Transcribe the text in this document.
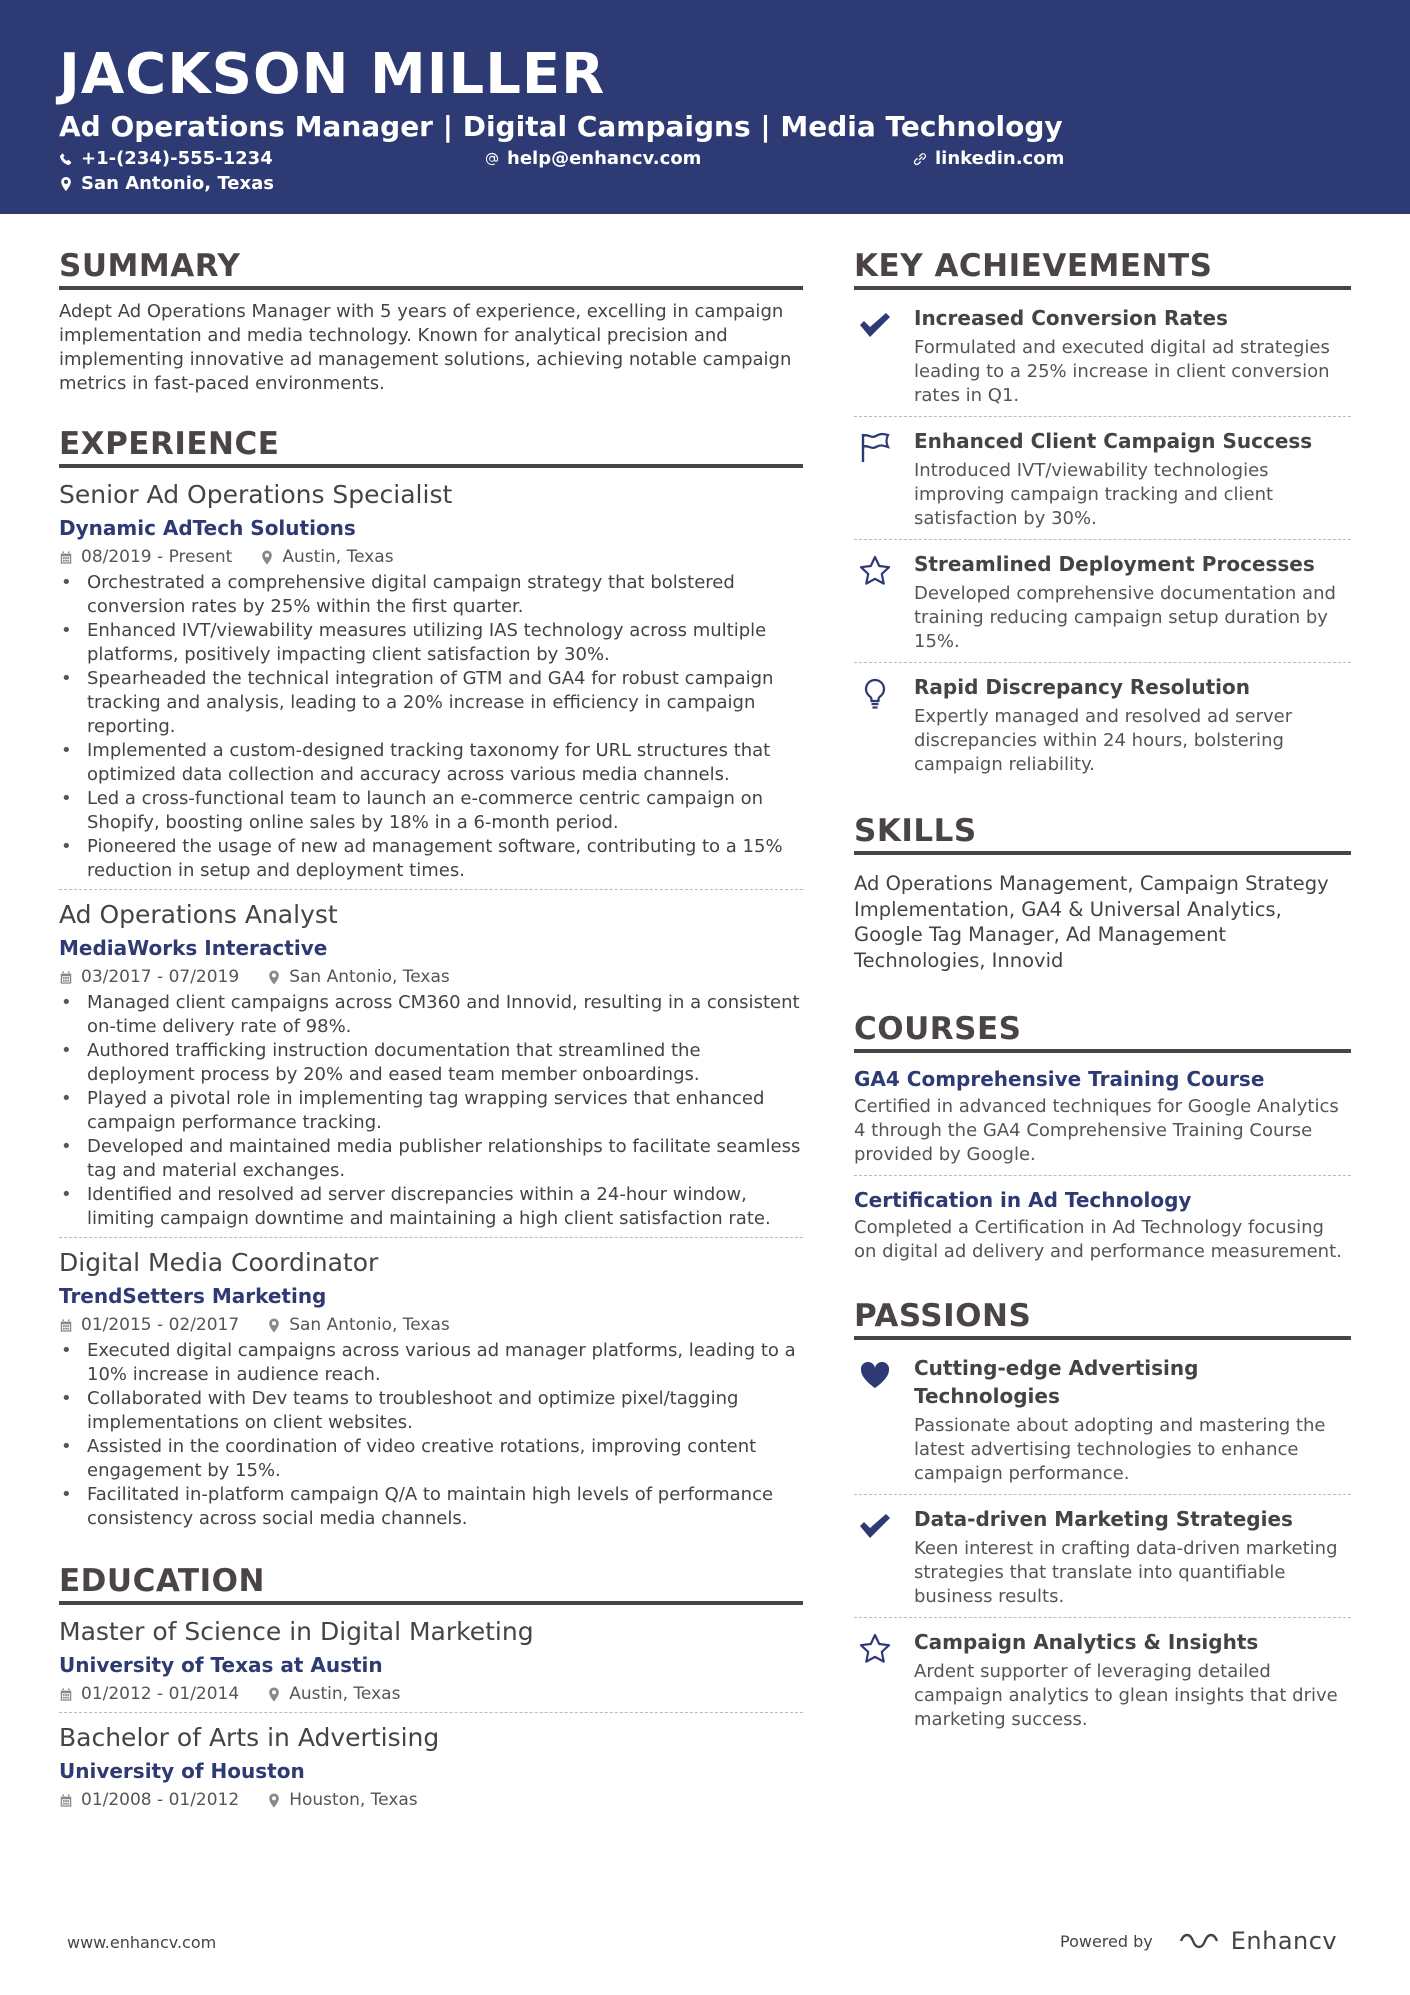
JACKSON MILLER
Ad Operations Manager | Digital Campaigns | Media Technology
+1-(234)-555-1234	help@enhancv.com	linkedin.com
San Antonio, Texas
SUMMARY
Adept Ad Operations Manager with 5 years of experience, excelling in campaign implementation and media technology. Known for analytical precision and implementing innovative ad management solutions, achieving notable campaign metrics in fast-paced environments.
EXPERIENCE
Senior Ad Operations Specialist
Dynamic AdTech Solutions
08/2019 - Present	Austin, Texas
• Orchestrated a comprehensive digital campaign strategy that bolstered conversion rates by 25% within the first quarter.
• Enhanced IVT/viewability measures utilizing IAS technology across multiple platforms, positively impacting client satisfaction by 30%.
• Spearheaded the technical integration of GTM and GA4 for robust campaign tracking and analysis, leading to a 20% increase in efficiency in campaign reporting.
• Implemented a custom-designed tracking taxonomy for URL structures that optimized data collection and accuracy across various media channels.
• Led a cross-functional team to launch an e-commerce centric campaign on Shopify, boosting online sales by 18% in a 6-month period.
• Pioneered the usage of new ad management software, contributing to a 15% reduction in setup and deployment times.
Ad Operations Analyst
MediaWorks Interactive
03/2017 - 07/2019	San Antonio, Texas
• Managed client campaigns across CM360 and Innovid, resulting in a consistent on-time delivery rate of 98%.
• Authored trafficking instruction documentation that streamlined the deployment process by 20% and eased team member onboardings.
• Played a pivotal role in implementing tag wrapping services that enhanced campaign performance tracking.
• Developed and maintained media publisher relationships to facilitate seamless tag and material exchanges.
• Identified and resolved ad server discrepancies within a 24-hour window, limiting campaign downtime and maintaining a high client satisfaction rate.
Digital Media Coordinator
TrendSetters Marketing
01/2015 - 02/2017	San Antonio, Texas
• Executed digital campaigns across various ad manager platforms, leading to a 10% increase in audience reach.
• Collaborated with Dev teams to troubleshoot and optimize pixel/tagging implementations on client websites.
• Assisted in the coordination of video creative rotations, improving content engagement by 15%.
• Facilitated in-platform campaign Q/A to maintain high levels of performance consistency across social media channels.
EDUCATION
Master of Science in Digital Marketing
University of Texas at Austin
01/2012 - 01/2014	Austin, Texas
Bachelor of Arts in Advertising
University of Houston
01/2008 - 01/2012	Houston, Texas
KEY ACHIEVEMENTS
Increased Conversion Rates
Formulated and executed digital ad strategies leading to a 25% increase in client conversion rates in Q1.
Enhanced Client Campaign Success
Introduced IVT/viewability technologies improving campaign tracking and client satisfaction by 30%.
Streamlined Deployment Processes
Developed comprehensive documentation and training reducing campaign setup duration by 15%.
Rapid Discrepancy Resolution
Expertly managed and resolved ad server discrepancies within 24 hours, bolstering campaign reliability.
SKILLS
Ad Operations Management, Campaign Strategy Implementation, GA4 & Universal Analytics, Google Tag Manager, Ad Management Technologies, Innovid
COURSES
GA4 Comprehensive Training Course
Certified in advanced techniques for Google Analytics 4 through the GA4 Comprehensive Training Course provided by Google.
Certification in Ad Technology
Completed a Certification in Ad Technology focusing on digital ad delivery and performance measurement.
PASSIONS
Cutting-edge Advertising Technologies
Passionate about adopting and mastering the latest advertising technologies to enhance campaign performance.
Data-driven Marketing Strategies
Keen interest in crafting data-driven marketing strategies that translate into quantifiable business results.
Campaign Analytics & Insights
Ardent supporter of leveraging detailed campaign analytics to glean insights that drive marketing success.
www.enhancv.com	Powered by	Enhancv
